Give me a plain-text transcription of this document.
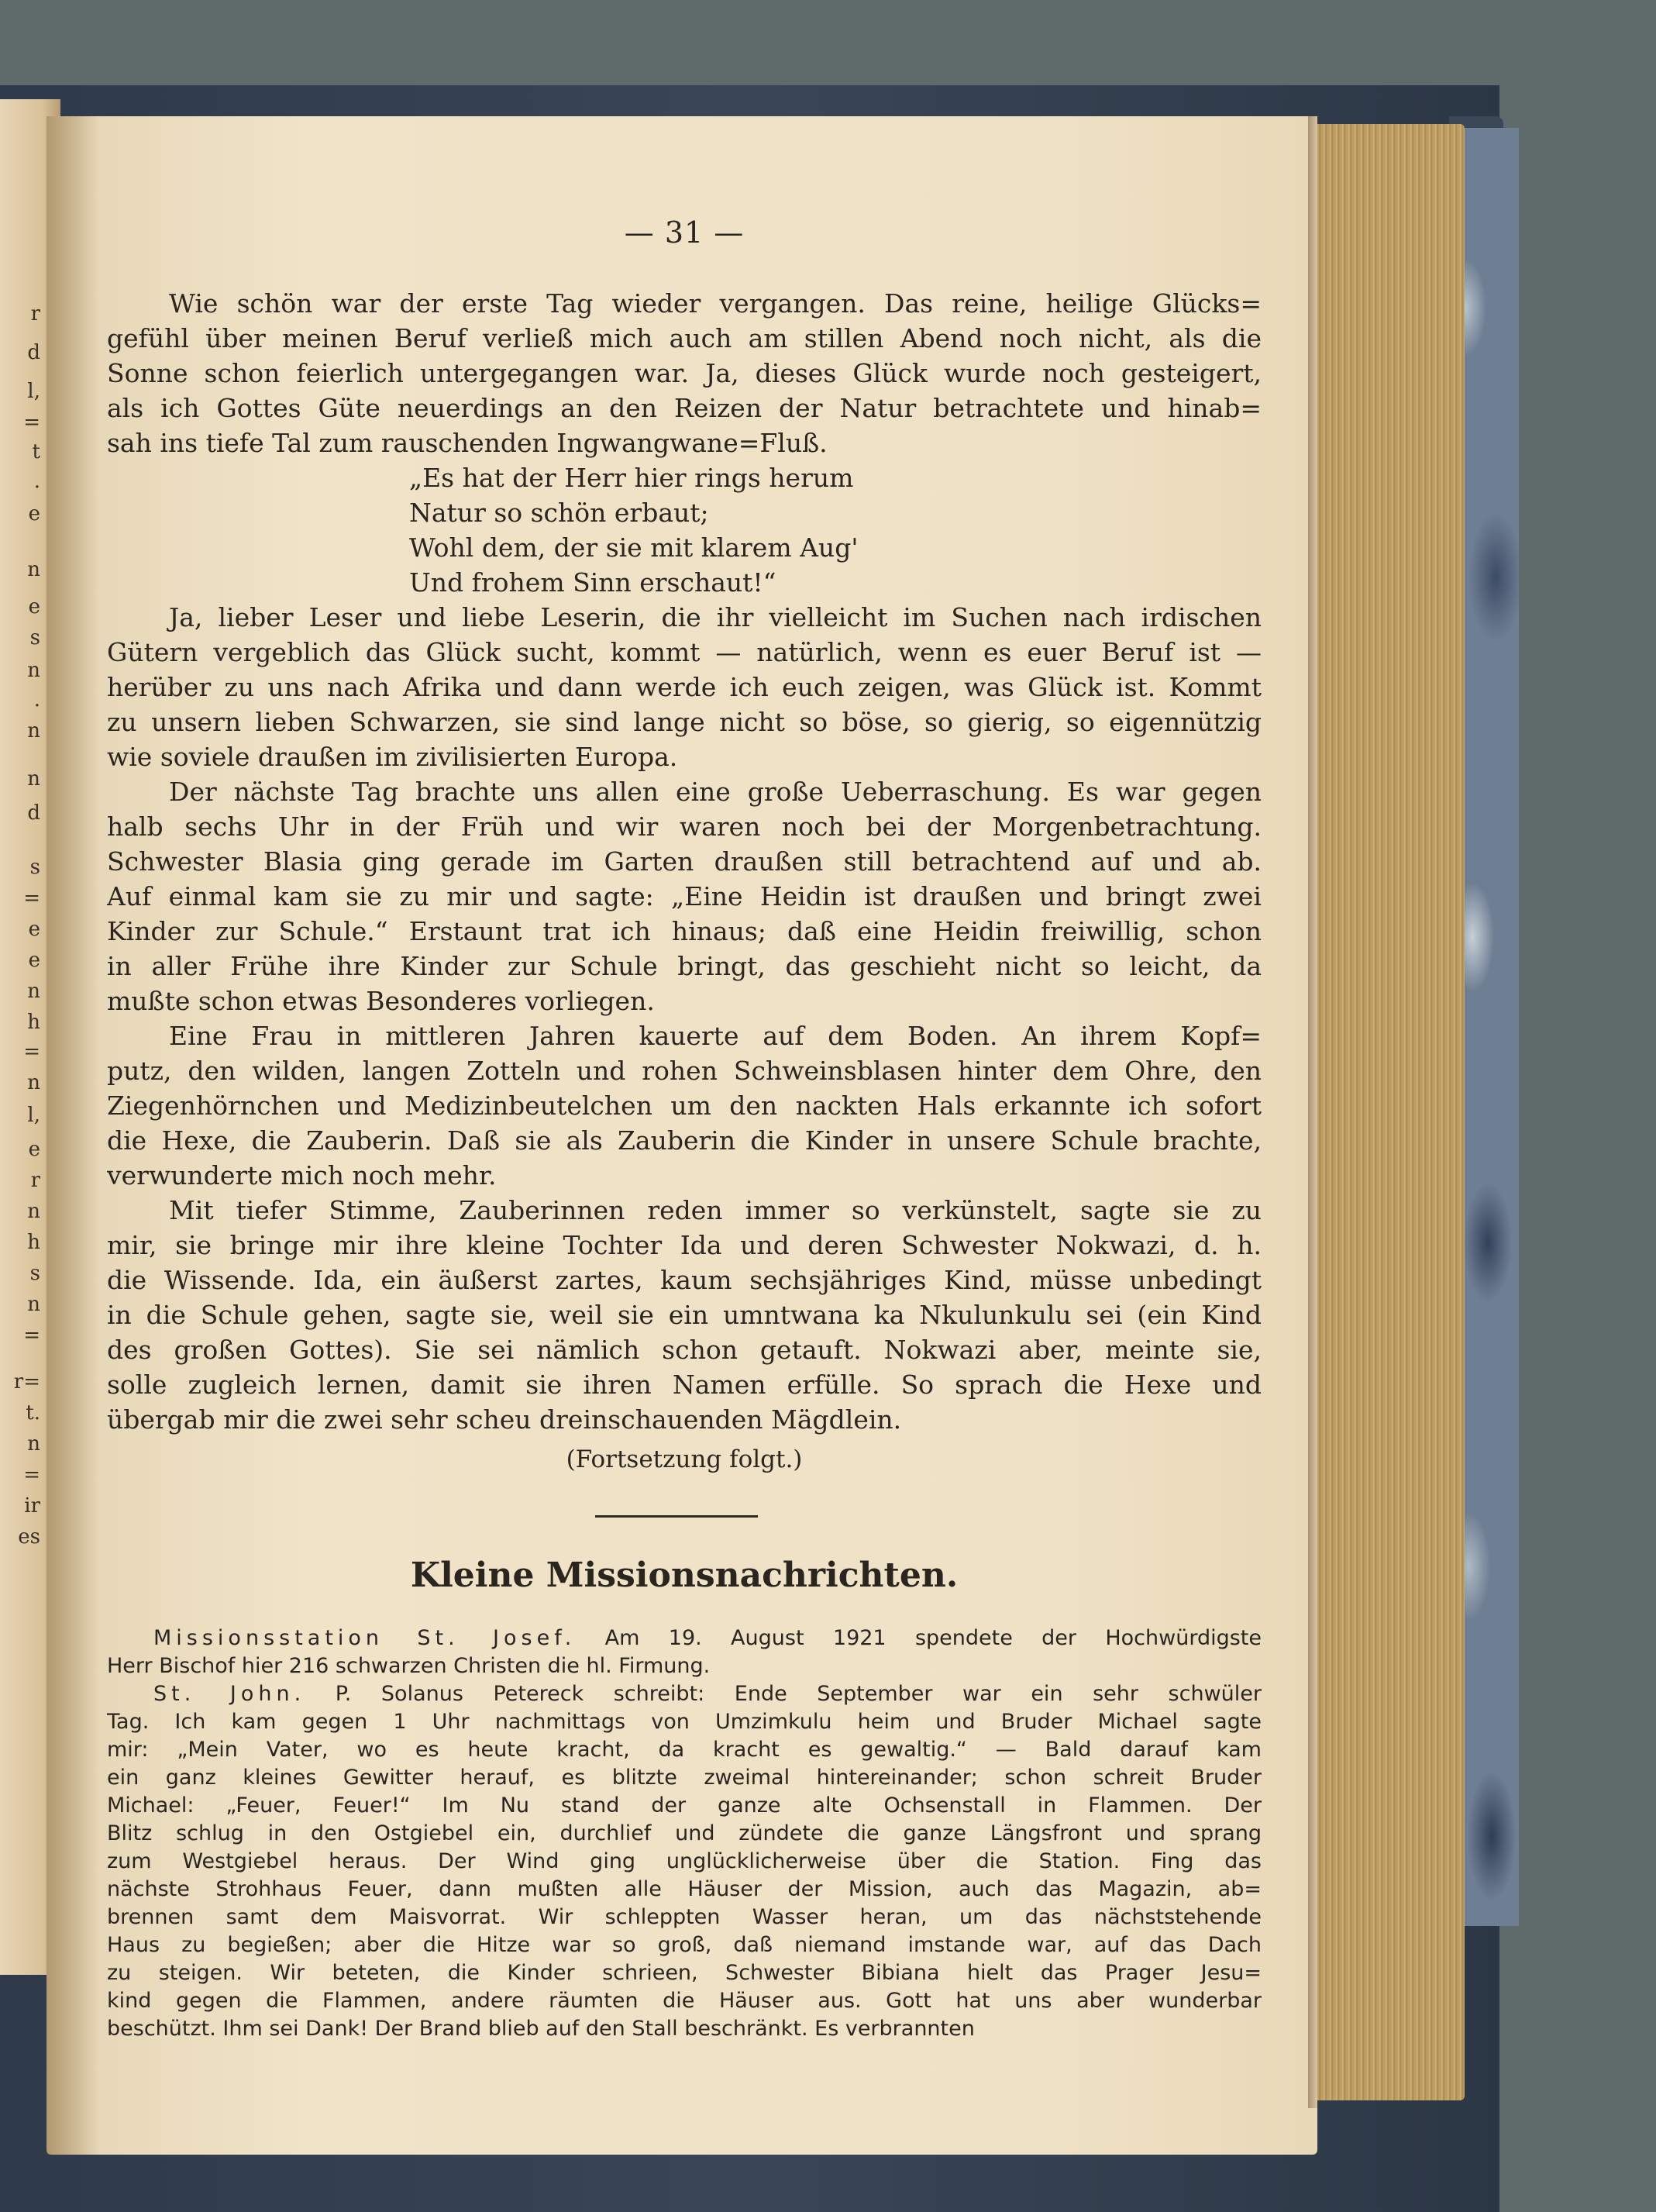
r
d
l,
=
t
.
e
n
e
s
n
.
n
n
d
s
=
e
e
n
h
=
n
l,
e
r
n
h
s
n
=
r=
t.
n
=
ir
es
— 31 —
Wie schön war der erste Tag wieder vergangen. Das reine, heilige Glücks=
gefühl über meinen Beruf verließ mich auch am stillen Abend noch nicht, als die
Sonne schon feierlich untergegangen war. Ja, dieses Glück wurde noch gesteigert,
als ich Gottes Güte neuerdings an den Reizen der Natur betrachtete und hinab=
sah ins tiefe Tal zum rauschenden Ingwangwane=Fluß.
„Es hat der Herr hier rings herum
Natur so schön erbaut;
Wohl dem, der sie mit klarem Aug'
Und frohem Sinn erschaut!“
Ja, lieber Leser und liebe Leserin, die ihr vielleicht im Suchen nach irdischen
Gütern vergeblich das Glück sucht, kommt — natürlich, wenn es euer Beruf ist —
herüber zu uns nach Afrika und dann werde ich euch zeigen, was Glück ist. Kommt
zu unsern lieben Schwarzen, sie sind lange nicht so böse, so gierig, so eigennützig
wie soviele draußen im zivilisierten Europa.
Der nächste Tag brachte uns allen eine große Ueberraschung. Es war gegen
halb sechs Uhr in der Früh und wir waren noch bei der Morgenbetrachtung.
Schwester Blasia ging gerade im Garten draußen still betrachtend auf und ab.
Auf einmal kam sie zu mir und sagte: „Eine Heidin ist draußen und bringt zwei
Kinder zur Schule.“ Erstaunt trat ich hinaus; daß eine Heidin freiwillig, schon
in aller Frühe ihre Kinder zur Schule bringt, das geschieht nicht so leicht, da
mußte schon etwas Besonderes vorliegen.
Eine Frau in mittleren Jahren kauerte auf dem Boden. An ihrem Kopf=
putz, den wilden, langen Zotteln und rohen Schweinsblasen hinter dem Ohre, den
Ziegenhörnchen und Medizinbeutelchen um den nackten Hals erkannte ich sofort
die Hexe, die Zauberin. Daß sie als Zauberin die Kinder in unsere Schule brachte,
verwunderte mich noch mehr.
Mit tiefer Stimme, Zauberinnen reden immer so verkünstelt, sagte sie zu
mir, sie bringe mir ihre kleine Tochter Ida und deren Schwester Nokwazi, d. h.
die Wissende. Ida, ein äußerst zartes, kaum sechsjähriges Kind, müsse unbedingt
in die Schule gehen, sagte sie, weil sie ein umntwana ka Nkulunkulu sei (ein Kind
des großen Gottes). Sie sei nämlich schon getauft. Nokwazi aber, meinte sie,
solle zugleich lernen, damit sie ihren Namen erfülle. So sprach die Hexe und
übergab mir die zwei sehr scheu dreinschauenden Mägdlein.
(Fortsetzung folgt.)
Kleine Missionsnachrichten.
Missionsstation St. Josef. Am 19. August 1921 spendete der Hochwürdigste
Herr Bischof hier 216 schwarzen Christen die hl. Firmung.
St. John. P. Solanus Petereck schreibt: Ende September war ein sehr schwüler
Tag. Ich kam gegen 1 Uhr nachmittags von Umzimkulu heim und Bruder Michael sagte
mir: „Mein Vater, wo es heute kracht, da kracht es gewaltig.“ — Bald darauf kam
ein ganz kleines Gewitter herauf, es blitzte zweimal hintereinander; schon schreit Bruder
Michael: „Feuer, Feuer!“ Im Nu stand der ganze alte Ochsenstall in Flammen. Der
Blitz schlug in den Ostgiebel ein, durchlief und zündete die ganze Längsfront und sprang
zum Westgiebel heraus. Der Wind ging unglücklicherweise über die Station. Fing das
nächste Strohhaus Feuer, dann mußten alle Häuser der Mission, auch das Magazin, ab=
brennen samt dem Maisvorrat. Wir schleppten Wasser heran, um das nächststehende
Haus zu begießen; aber die Hitze war so groß, daß niemand imstande war, auf das Dach
zu steigen. Wir beteten, die Kinder schrieen, Schwester Bibiana hielt das Prager Jesu=
kind gegen die Flammen, andere räumten die Häuser aus. Gott hat uns aber wunderbar
beschützt. Ihm sei Dank! Der Brand blieb auf den Stall beschränkt. Es verbrannten
